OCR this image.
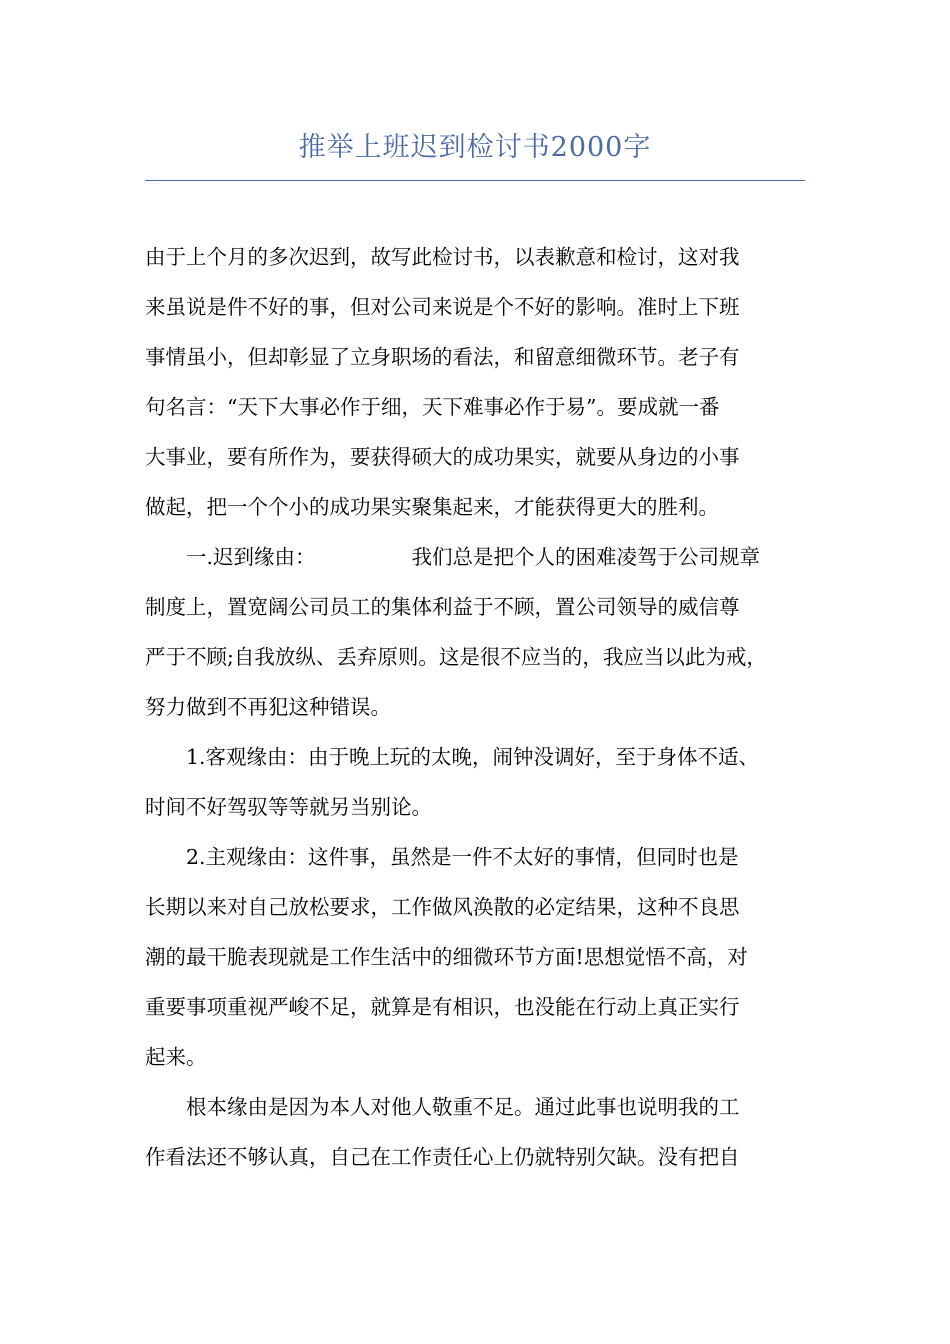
推举上班迟到检讨书2000字
由于上个月的多次迟到，故写此检讨书，以表歉意和检讨，这对我
来虽说是件不好的事，但对公司来说是个不好的影响。准时上下班
事情虽小，但却彰显了立身职场的看法，和留意细微环节。老子有
句名言：“天下大事必作于细，天下难事必作于易”。要成就一番
大事业，要有所作为，要获得硕大的成功果实，就要从身边的小事
做起，把一个个小的成功果实聚集起来，才能获得更大的胜利。
一.迟到缘由：	我们总是把个人的困难凌驾于公司规章
制度上，置宽阔公司员工的集体利益于不顾，置公司领导的威信尊
严于不顾;自我放纵、丢弃原则。这是很不应当的，我应当以此为戒，
努力做到不再犯这种错误。
1.客观缘由：由于晚上玩的太晚，闹钟没调好，至于身体不适、
时间不好驾驭等等就另当别论。
2.主观缘由：这件事，虽然是一件不太好的事情，但同时也是
长期以来对自己放松要求，工作做风涣散的必定结果，这种不良思
潮的最干脆表现就是工作生活中的细微环节方面!思想觉悟不高，对
重要事项重视严峻不足，就算是有相识，也没能在行动上真正实行
起来。
根本缘由是因为本人对他人敬重不足。通过此事也说明我的工
作看法还不够认真，自己在工作责任心上仍就特别欠缺。没有把自
